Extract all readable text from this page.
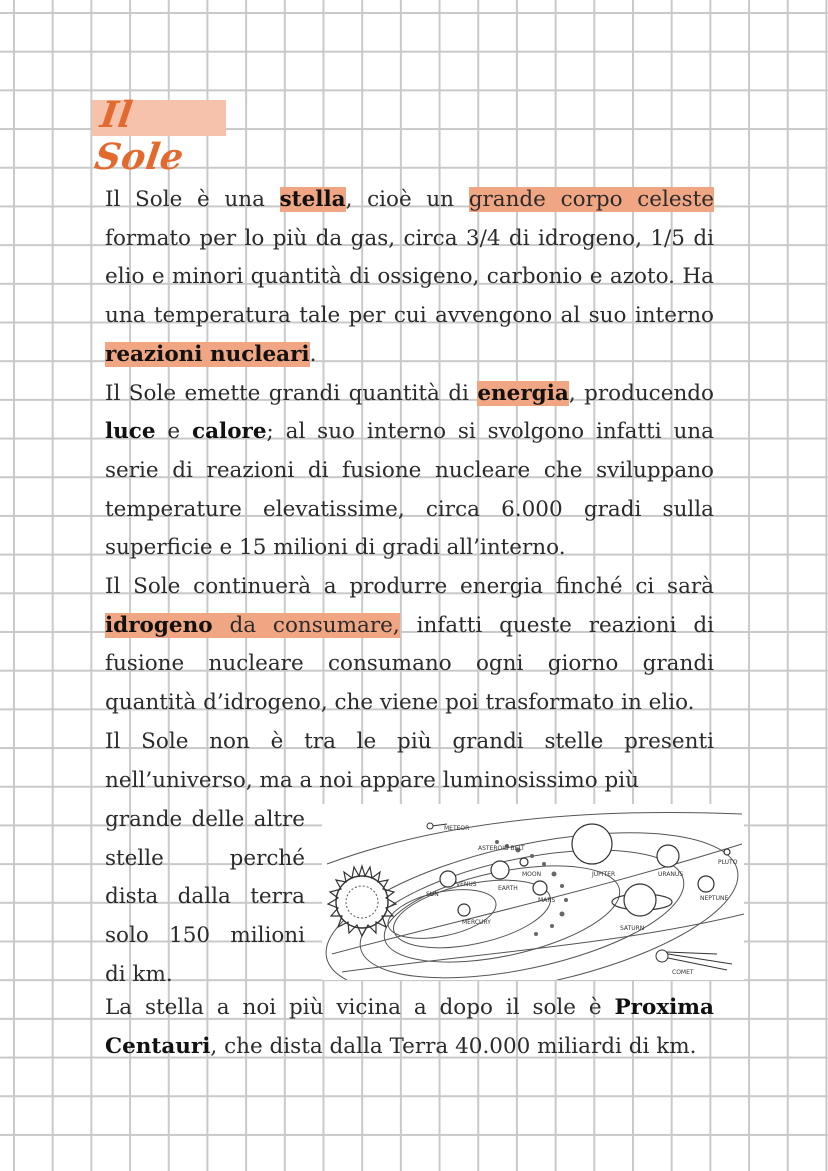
Il Sole

Il Sole è una stella, cioè un grande corpo celeste formato per lo più da gas, circa 3/4 di idrogeno, 1/5 di elio e minori quantità di ossigeno, carbonio e azoto. Ha una temperatura tale per cui avvengono al suo interno reazioni nucleari.

Il Sole emette grandi quantità di energia, producendo luce e calore; al suo interno si svolgono infatti una serie di reazioni di fusione nucleare che sviluppano temperature elevatissime, circa 6.000 gradi sulla superficie e 15 milioni di gradi all’interno.

Il Sole continuerà a produrre energia finché ci sarà idrogeno da consumare, infatti queste reazioni di fusione nucleare consumano ogni giorno grandi quantità d’idrogeno, che viene poi trasformato in elio.

Il Sole non è tra le più grandi stelle presenti nell’universo, ma a noi appare luminosissimo più

grande delle altre stelle perché dista dalla terra solo 150 milioni di km.

METEOR
ASTEROID BELT
SUN
VENUS
EARTH
MOON
MERCURY
MARS
JUPITER	URANUS
PLUTO
NEPTUNE
SATURN
COMET

La stella a noi più vicina a dopo il sole è Proxima Centauri, che dista dalla Terra 40.000 miliardi di km.
